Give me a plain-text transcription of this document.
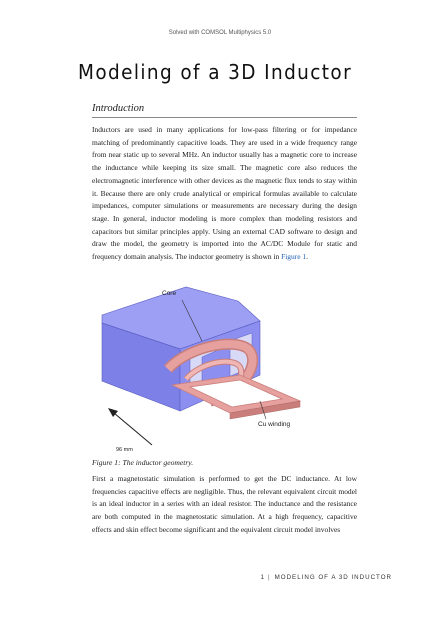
Solved with COMSOL Multiphysics 5.0
Modeling of a 3D Inductor
Introduction
Inductors are used in many applications for low-pass filtering or for impedance matching of predominantly capacitive loads. They are used in a wide frequency range from near static up to several MHz. An inductor usually has a magnetic core to increase the inductance while keeping its size small. The magnetic core also reduces the electromagnetic interference with other devices as the magnetic flux tends to stay within it. Because there are only crude analytical or empirical formulas available to calculate impedances, computer simulations or measurements are necessary during the design stage. In general, inductor modeling is more complex than modeling resistors and capacitors but similar principles apply. Using an external CAD software to design and draw the model, the geometry is imported into the AC/DC Module for static and frequency domain analysis. The inductor geometry is shown in Figure 1.
Core
Cu winding
96 mm
Figure 1: The inductor geometry.
First a magnetostatic simulation is performed to get the DC inductance. At low frequencies capacitive effects are negligible. Thus, the relevant equivalent circuit model is an ideal inductor in a series with an ideal resistor. The inductance and the resistance are both computed in the magnetostatic simulation. At a high frequency, capacitive effects and skin effect become significant and the equivalent circuit model involves
1 | MODELING OF A 3D INDUCTOR
